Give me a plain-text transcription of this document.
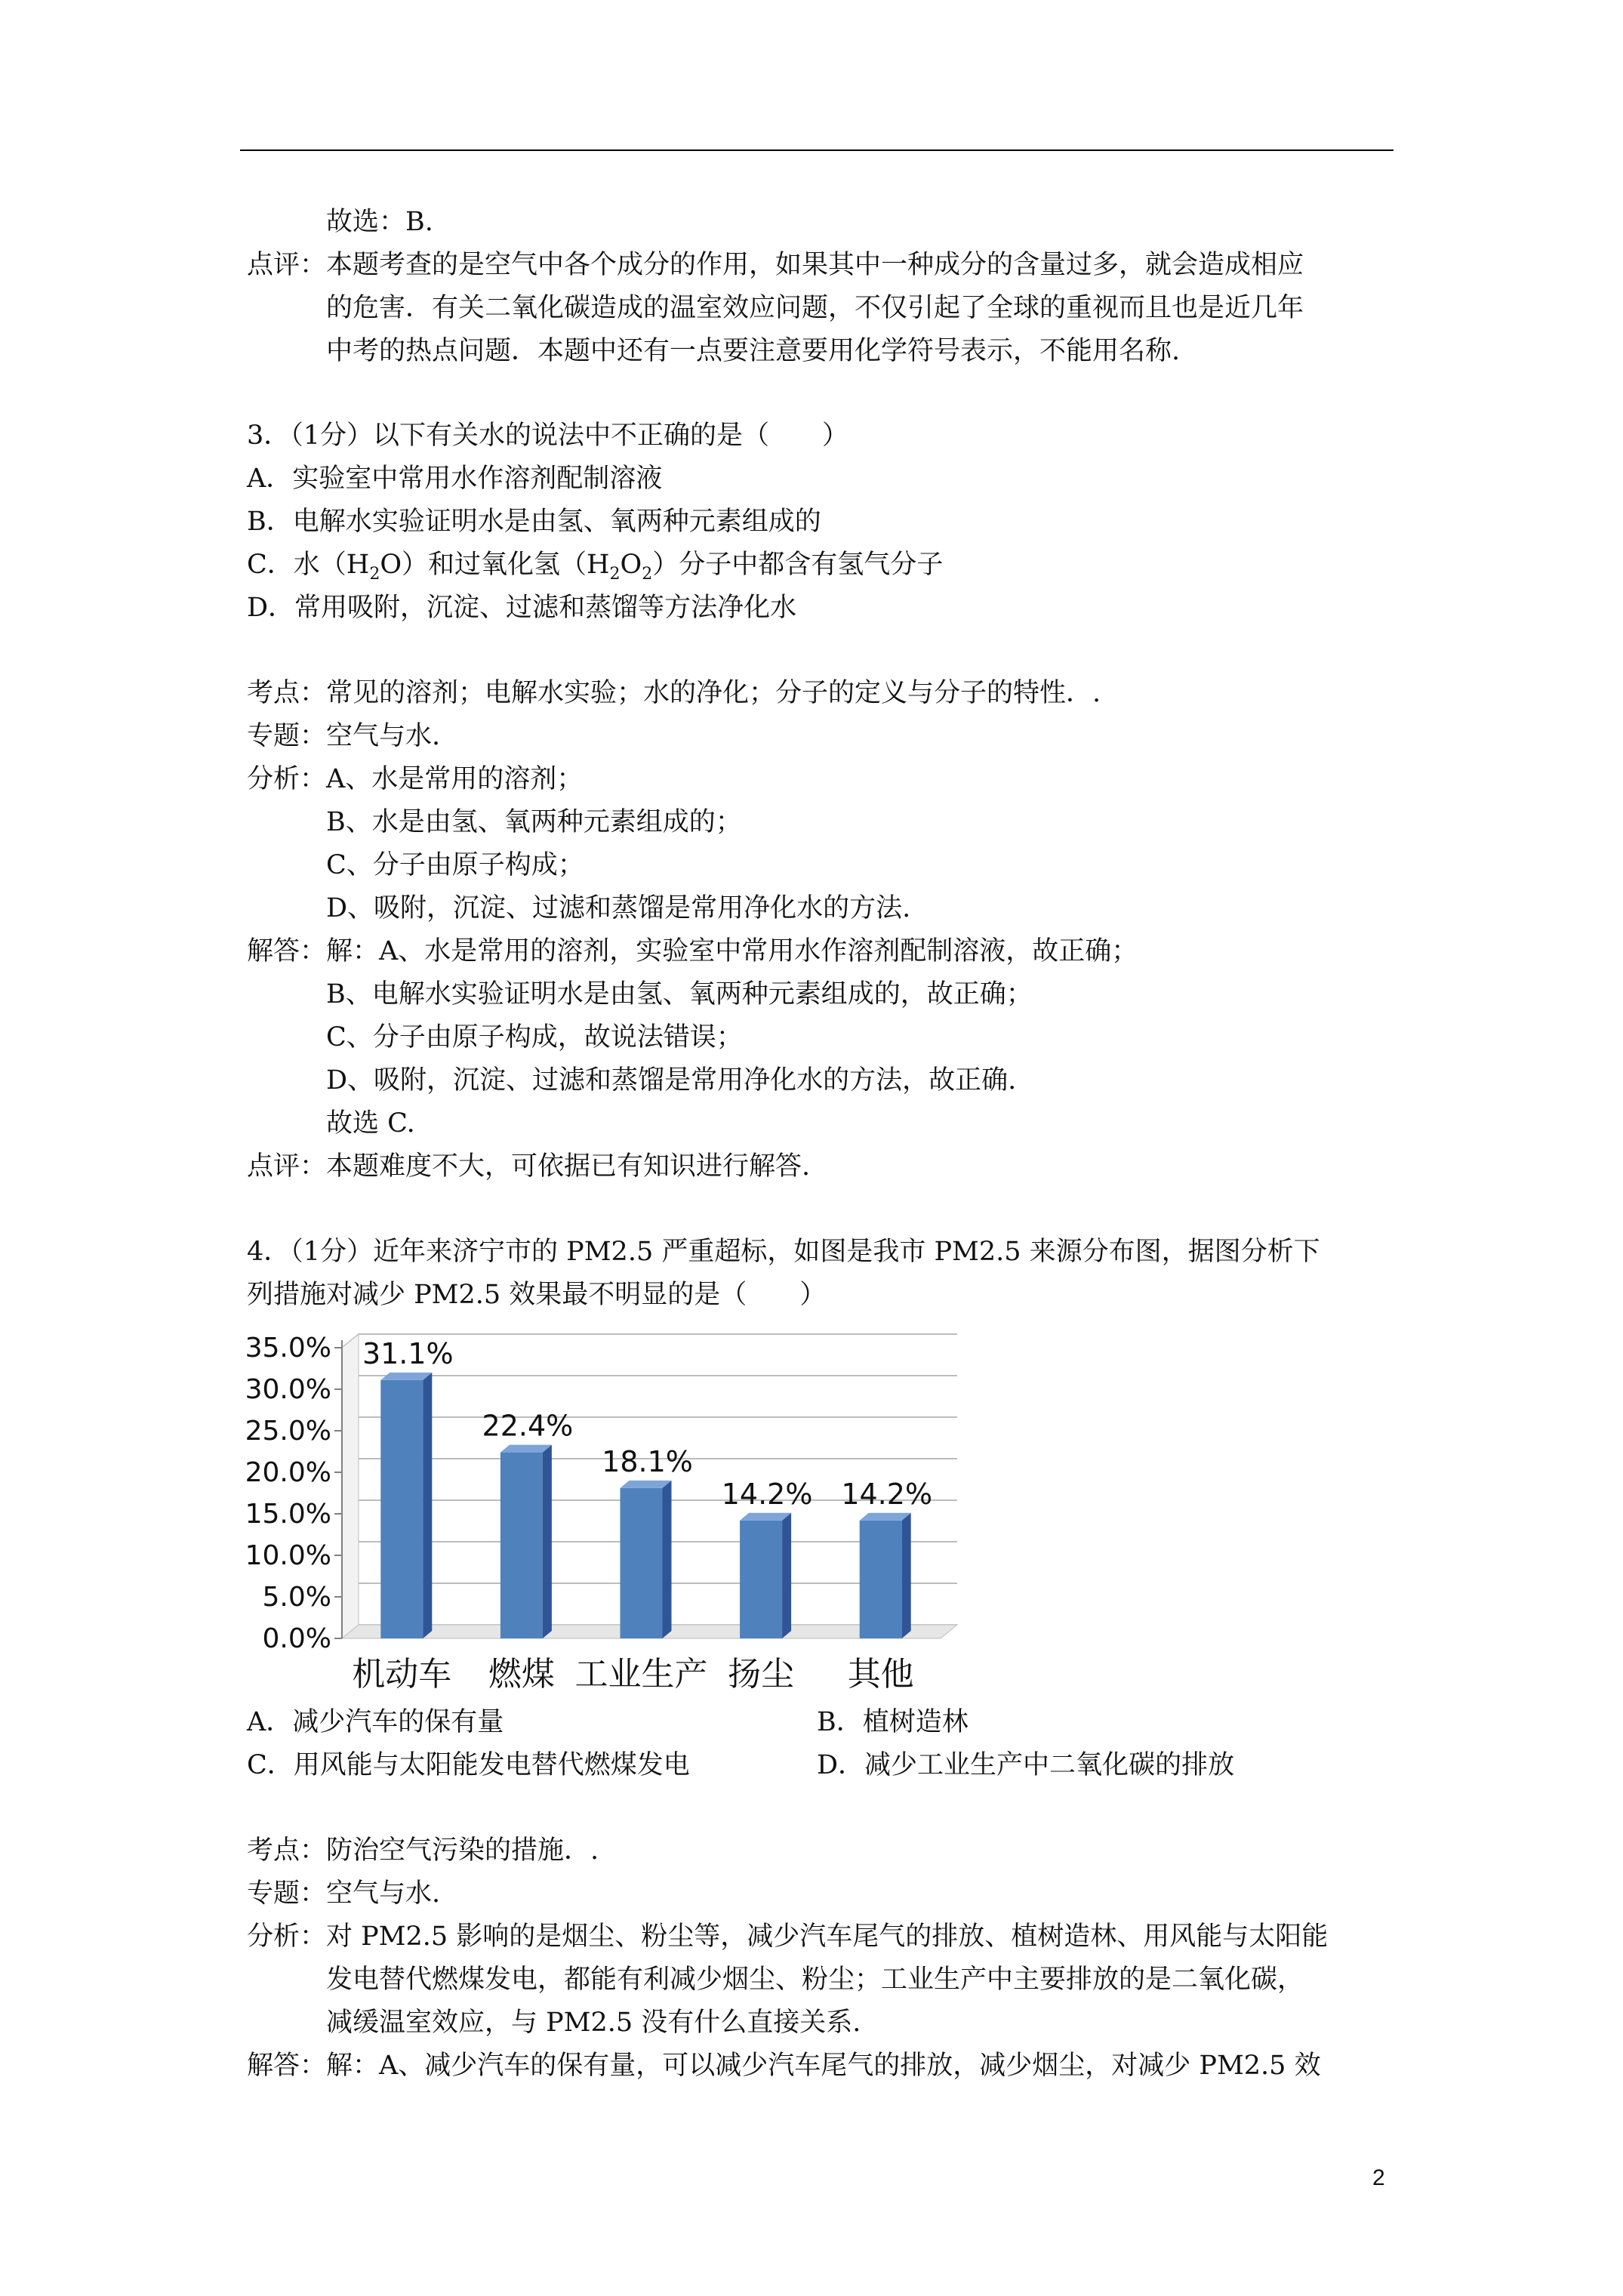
故选：B.
点评：本题考查的是空气中各个成分的作用，如果其中一种成分的含量过多，就会造成相应
的危害．有关二氧化碳造成的温室效应问题，不仅引起了全球的重视而且也是近几年
中考的热点问题．本题中还有一点要注意要用化学符号表示，不能用名称.
3．（1分）以下有关水的说法中不正确的是（　　）
A．实验室中常用水作溶剂配制溶液
B．电解水实验证明水是由氢、氧两种元素组成的
C．水$(H_2O)$和过氧化氢$(H_2O_2)$分子中都含有氢气分子
D．常用吸附，沉淀、过滤和蒸馏等方法净化水
考点：常见的溶剂；电解水实验；水的净化；分子的定义与分子的特性．.
专题：空气与水.
分析：A、水是常用的溶剂；
B、水是由氢、氧两种元素组成的；
C、分子由原子构成；
D、吸附，沉淀、过滤和蒸馏是常用净化水的方法.
解答：解：A、水是常用的溶剂，实验室中常用水作溶剂配制溶液，故正确；
B、电解水实验证明水是由氢、氧两种元素组成的，故正确；
C、分子由原子构成，故说法错误；
D、吸附，沉淀、过滤和蒸馏是常用净化水的方法，故正确.
故选 C.
点评：本题难度不大，可依据已有知识进行解答.
4．（1分）近年来济宁市的 PM2.5 严重超标，如图是我市 PM2.5 来源分布图，据图分析下
列措施对减少 PM2.5 效果最不明显的是（　　）
0.0%
5.0%
10.0%
15.0%
20.0%
25.0%
30.0%
35.0% 31.1%
22.4%
18.1%
14.2% 14.2%
机动车 燃煤 工业生产 扬尘 其他
A．减少汽车的保有量	B．植树造林
C．用风能与太阳能发电替代燃煤发电	D．减少工业生产中二氧化碳的排放
考点：防治空气污染的措施．.
专题：空气与水.
分析：对 PM2.5 影响的是烟尘、粉尘等，减少汽车尾气的排放、植树造林、用风能与太阳能
发电替代燃煤发电，都能有利减少烟尘、粉尘；工业生产中主要排放的是二氧化碳，
减缓温室效应，与 PM2.5 没有什么直接关系.
解答：解：A、减少汽车的保有量，可以减少汽车尾气的排放，减少烟尘，对减少 PM2.5 效
2
